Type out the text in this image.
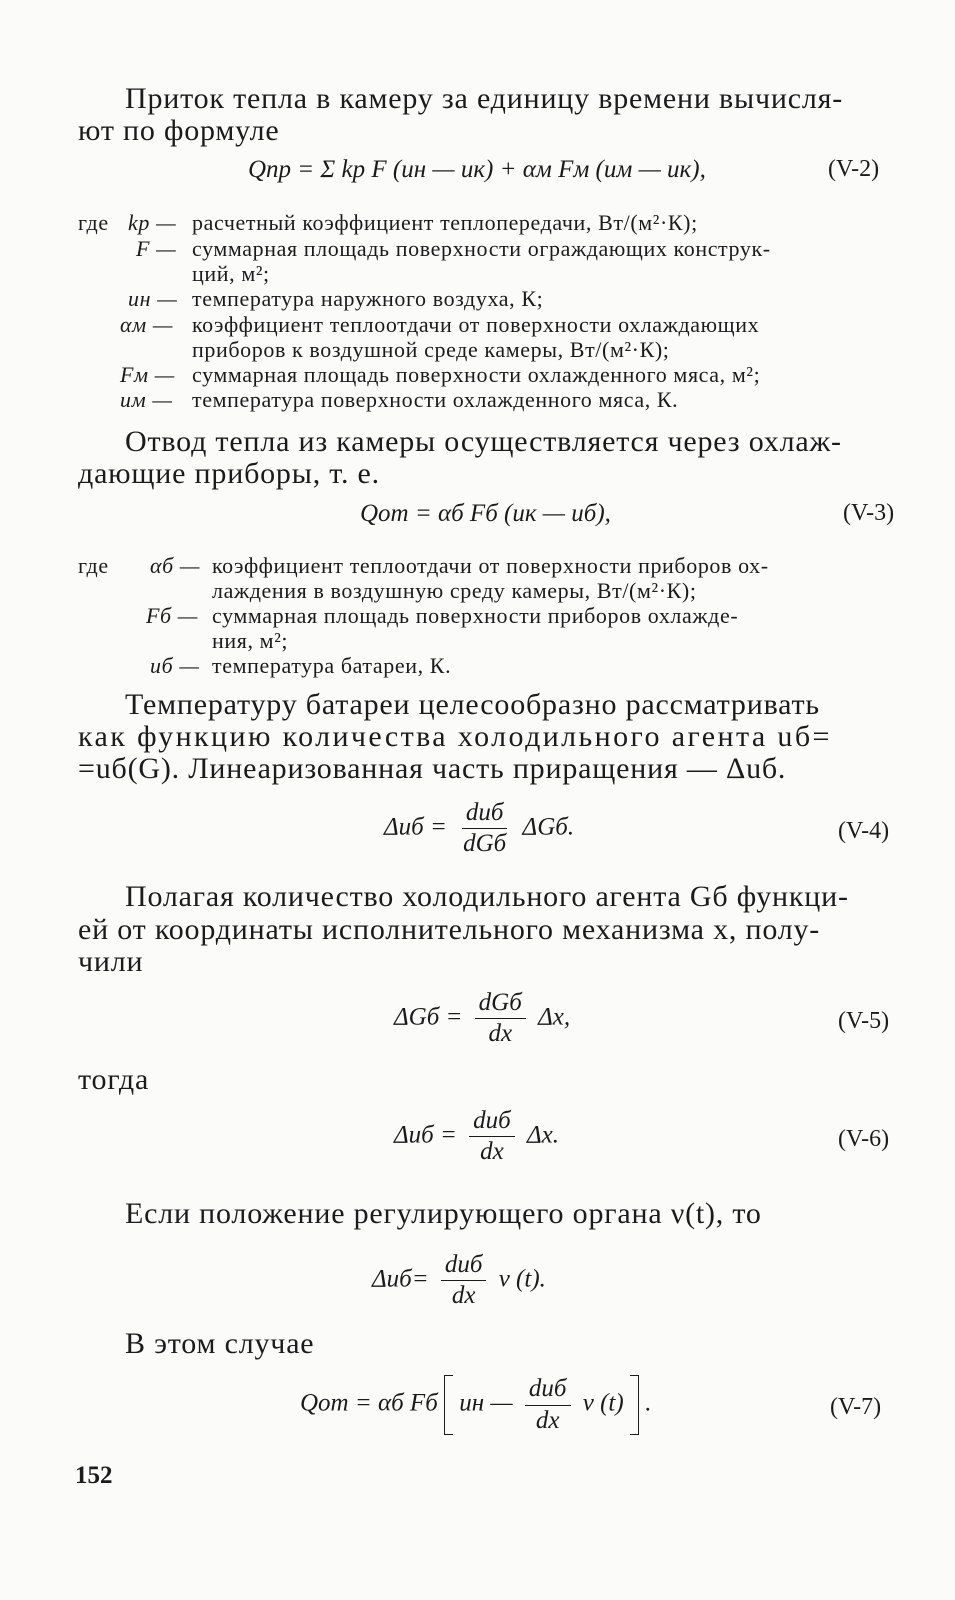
Приток тепла в камеру за единицу времени вычисля-
ют по формуле
Qпр = Σ kр F (uн — uк) + αм Fм (uм — uк),	(V-2)
где kр — расчетный коэффициент теплопередачи, Вт/(м²·К);
F — суммарная площадь поверхности ограждающих конструк-
ций, м²;
uн — температура наружного воздуха, К;
αм — коэффициент теплоотдачи от поверхности охлаждающих
приборов к воздушной среде камеры, Вт/(м²·К);
Fм — суммарная площадь поверхности охлажденного мяса, м²;
uм — температура поверхности охлажденного мяса, К.
Отвод тепла из камеры осуществляется через охлаж-
дающие приборы, т. е.
Qот = αб Fб (uк — uб),	(V-3)
где αб — коэффициент теплоотдачи от поверхности приборов ох-
лаждения в воздушную среду камеры, Вт/(м²·К);
Fб — суммарная площадь поверхности приборов охлажде-
ния, м²;
uб — температура батареи, К.
Температуру батареи целесообразно рассматривать
как функцию количества холодильного агента uб=
=uб(G). Линеаризованная часть приращения — Δuб.
$\Delta uб = \frac{\text{duб}}{\text{dGб}} \Delta Gб$.	(V-4)
Полагая количество холодильного агента Gб функци-
ей от координаты исполнительного механизма x, полу-
чили
$\Delta Gб = \frac{\text{dGб}}{dx} \Delta x$,	(V-5)
тогда
$\Delta uб = \frac{\text{duб}}{dx} \Delta x$.	(V-6)
Если положение регулирующего органа ν(t), то
$\Delta uб= \frac{\text{duб}}{dx}$ ν (t).
В этом случае
Qот = αб Fб uн — $\frac{\text{duб}}{dx}$ ν (t) .	(V-7)
152
